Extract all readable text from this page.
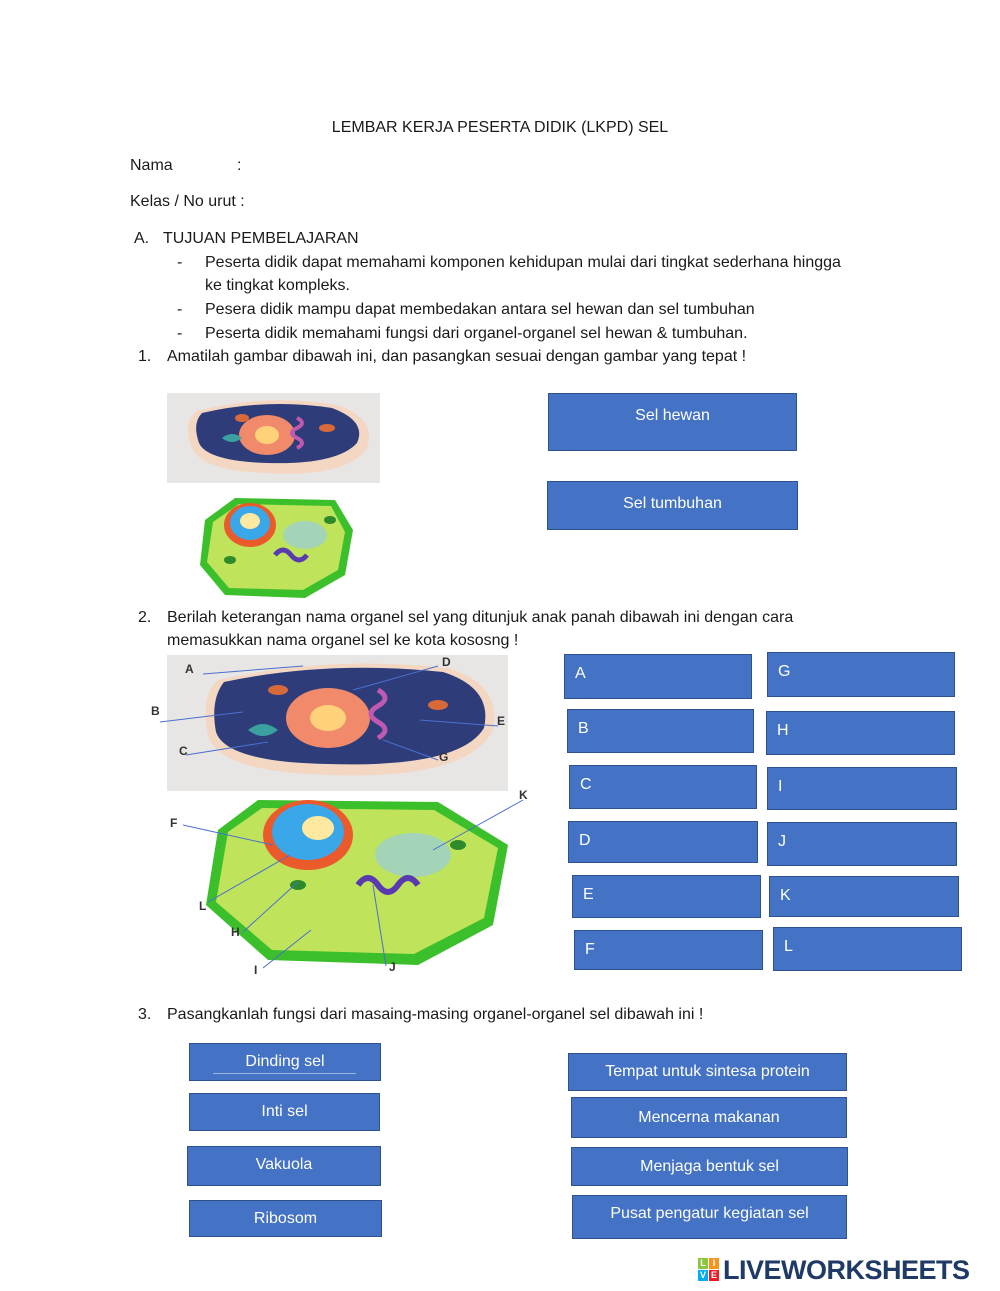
LEMBAR KERJA PESERTA DIDIK (LKPD) SEL
Nama	:
Kelas / No urut :
A. TUJUAN PEMBELAJARAN
- Peserta didik dapat memahami komponen kehidupan mulai dari tingkat sederhana hingga
ke tingkat kompleks.
- Pesera didik mampu dapat membedakan antara sel hewan dan sel tumbuhan
- Peserta didik memahami fungsi dari organel-organel sel hewan & tumbuhan.
1. Amatilah gambar dibawah ini, dan pasangkan sesuai dengan gambar yang tepat !
Sel hewan
Sel tumbuhan
2. Berilah keterangan nama organel sel yang ditunjuk anak panah dibawah ini dengan cara
memasukkan nama organel sel ke kota kososng !
A
B
C
D
E
G
F
K
L
H
I	J
A
B
C
D
E
F
G
H
I
J
K
L
3. Pasangkanlah fungsi dari masaing-masing organel-organel sel dibawah ini !
Dinding sel
Inti sel
Vakuola
Ribosom
Tempat untuk sintesa protein
Mencerna makanan
Menjaga bentuk sel
Pusat pengatur kegiatan sel
L I
V E LIVEWORKSHEETS
